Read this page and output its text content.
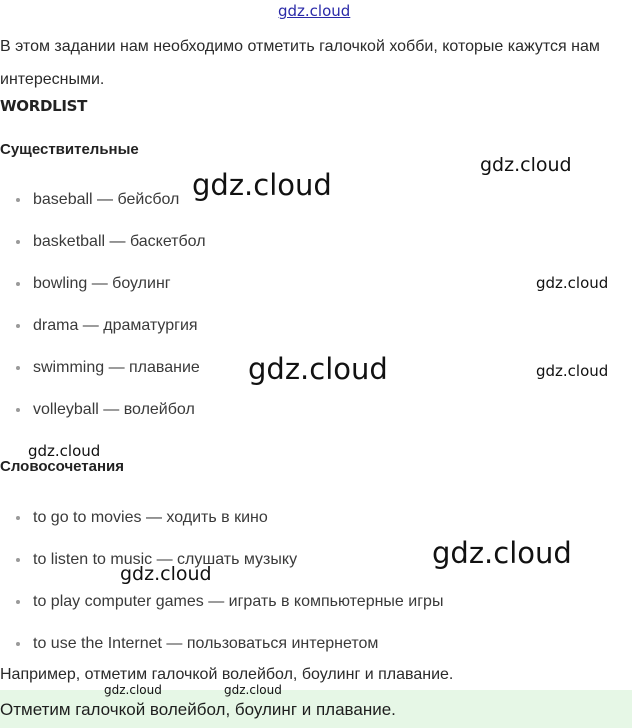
gdz.cloud
В этом задании нам необходимо отметить галочкой хобби, которые кажутся нам интересными.
WORDLIST
Существительные
baseball — бейсбол
basketball — баскетбол
bowling — боулинг
drama — драматургия
swimming — плавание
volleyball — волейбол
Словосочетания
to go to movies — ходить в кино
to listen to music — слушать музыку
to play computer games — играть в компьютерные игры
to use the Internet — пользоваться интернетом
Например, отметим галочкой волейбол, боулинг и плавание.
Отметим галочкой волейбол, боулинг и плавание.
gdz.cloud
gdz.cloud
gdz.cloud
gdz.cloud	gdz.cloud
gdz.cloud
gdz.cloud
gdz.cloud
gdz.cloud	gdz.cloud
